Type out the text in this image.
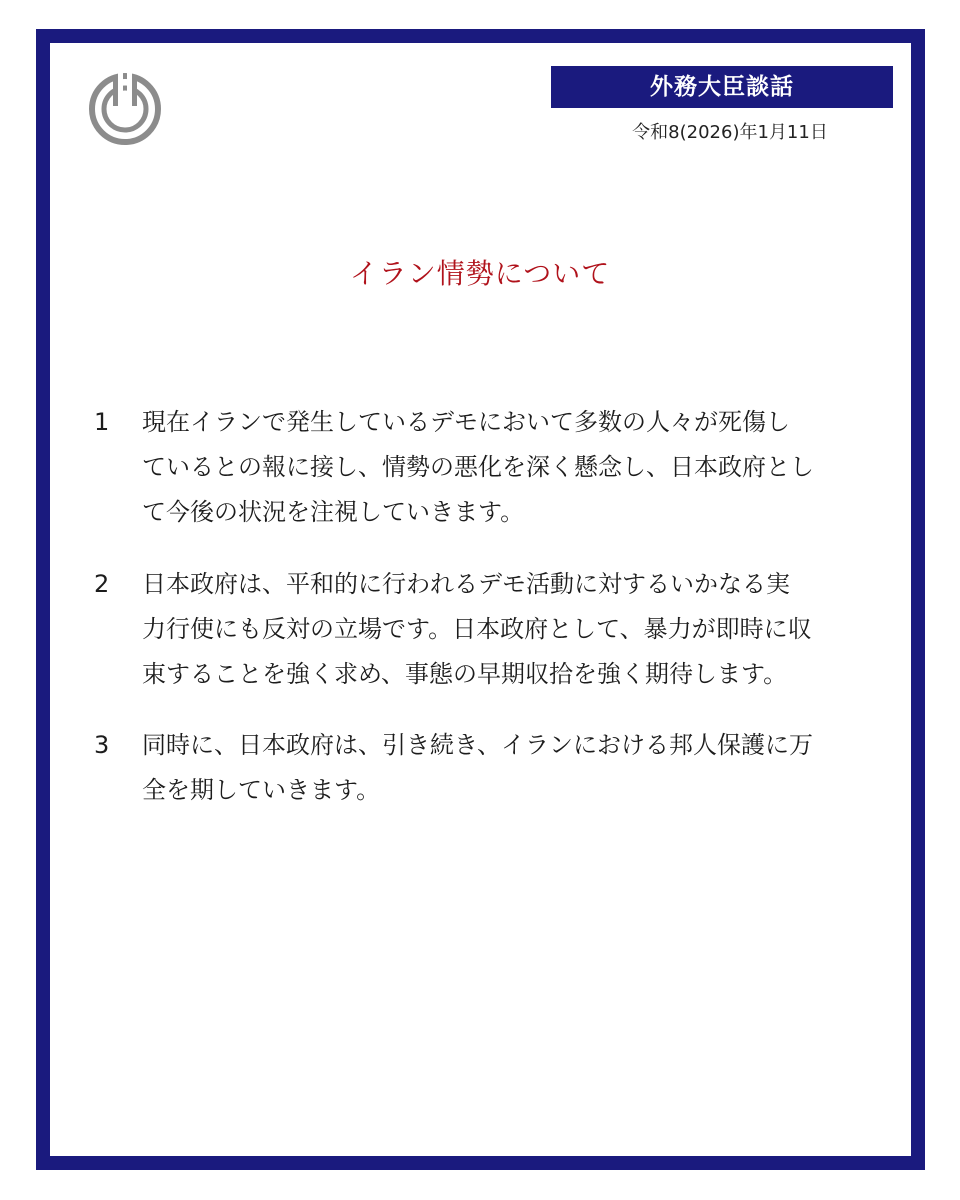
外務大臣談話
令和8(2026)年1月11日
イラン情勢について
1	現在イランで発生しているデモにおいて多数の人々が死傷し
ているとの報に接し、情勢の悪化を深く懸念し、日本政府とし
て今後の状況を注視していきます。
2	日本政府は、平和的に行われるデモ活動に対するいかなる実
力行使にも反対の立場です。日本政府として、暴力が即時に収
束することを強く求め、事態の早期収拾を強く期待します。
3	同時に、日本政府は、引き続き、イランにおける邦人保護に万
全を期していきます。
